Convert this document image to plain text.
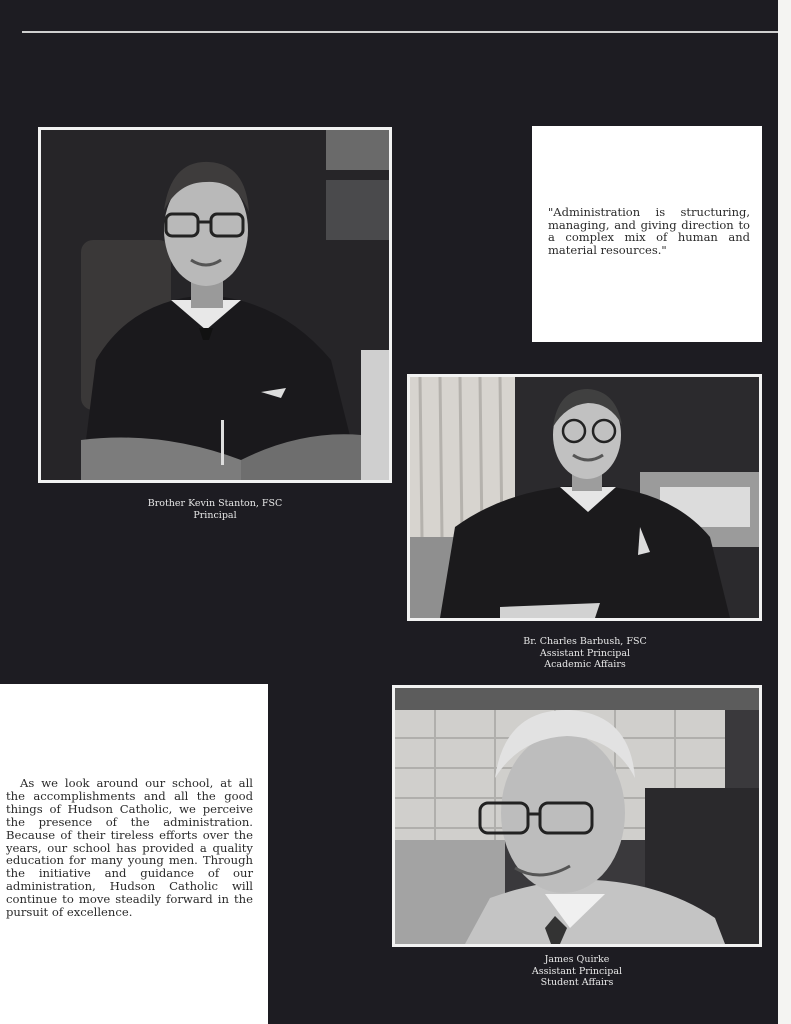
Brother Kevin Stanton, FSC
Principal

"Administration is structuring, managing, and giving direction to a complex mix of human and material resources."

Br. Charles Barbush, FSC
Assistant Principal
Academic Affairs

As we look around our school, at all the accomplishments and all the good things of Hudson Catholic, we perceive the presence of the administration. Because of their tireless efforts over the years, our school has provided a quality education for many young men. Through the initiative and guidance of our administration, Hudson Catholic will continue to move steadily forward in the pursuit of excellence.

James Quirke
Assistant Principal
Student Affairs
